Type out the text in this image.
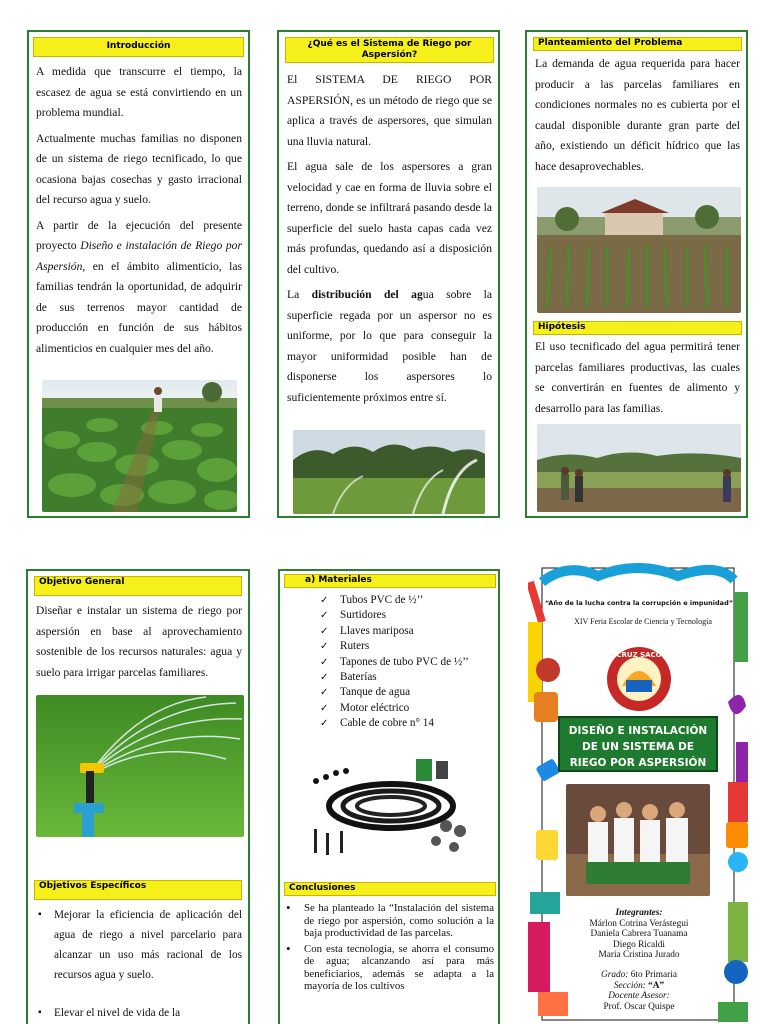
Introducción

A medida que transcurre el tiempo, la escasez de agua se está convirtiendo en un problema mundial.

Actualmente muchas familias no disponen de un sistema de riego tecnificado, lo que ocasiona bajas cosechas y gasto irracional del recurso agua y suelo.

A partir de la ejecución del presente proyecto Diseño e instalación de Riego por Aspersión, en el ámbito alimenticio, las familias tendrán la oportunidad, de adquirir de sus terrenos mayor cantidad de producción en función de sus hábitos alimenticios en cualquier mes del año.

¿Qué es el Sistema de Riego por Aspersión?

El SISTEMA DE RIEGO POR ASPERSIÓN, es un método de riego que se aplica a través de aspersores, que simulan una lluvia natural.

El agua sale de los aspersores a gran velocidad y cae en forma de lluvia sobre el terreno, donde se infiltrará pasando desde la superficie del suelo hasta capas cada vez más profundas, quedando así a disposición del cultivo.

La distribución del agua sobre la superficie regada por un aspersor no es uniforme, por lo que para conseguir la mayor uniformidad posible han de disponerse los aspersores lo suficientemente próximos entre sí.

Planteamiento del Problema
La demanda de agua requerida para hacer producir a las parcelas familiares en condiciones normales no es cubierta por el caudal disponible durante gran parte del año, existiendo un déficit hídrico que las hace desaprovechables.
Hipótesis
El uso tecnificado del agua permitirá tener parcelas familiares productivas, las cuales se convertirán en fuentes de alimento y desarrollo para las familias.
Objetivo General
Diseñar e instalar un sistema de riego por aspersión en base al aprovechamiento sostenible de los recursos naturales: agua y suelo para irrigar parcelas familiares.
Objetivos Específicos
▪ Mejorar la eficiencia de aplicación del agua de riego a nivel parcelario para alcanzar un uso más racional de los recursos agua y suelo.
▪ Elevar el nivel de vida de la
a) Materiales
✓ Tubos PVC de ½’’
✓ Surtidores
✓ Llaves mariposa
✓ Ruters
✓ Tapones de tubo PVC de ½’’
✓ Baterías
✓ Tanque de agua
✓ Motor eléctrico
✓ Cable de cobre n° 14
Conclusiones
• Se ha planteado la “Instalación del sistema de riego por aspersión, como solución a la baja productividad de las parcelas.
• Con esta tecnología, se ahorra el consumo de agua; alcanzando así para más beneficiarios, además se adapta a la mayoría de los cultivos
“Año de la lucha contra la corrupción e impunidad”
XIV Feria Escolar de Ciencia y Tecnología
CRUZ SACO
DISEÑO E INSTALACIÓN DE UN SISTEMA DE RIEGO POR ASPERSIÓN
Integrantes:
Márlon Cotrina Verástegui
Daniela Cabrera Tuanama
Diego Ricaldi
María Cristina Jurado
Grado: 6to Primaria
Sección: “A”
Docente Asesor:
Prof. Oscar Quispe
